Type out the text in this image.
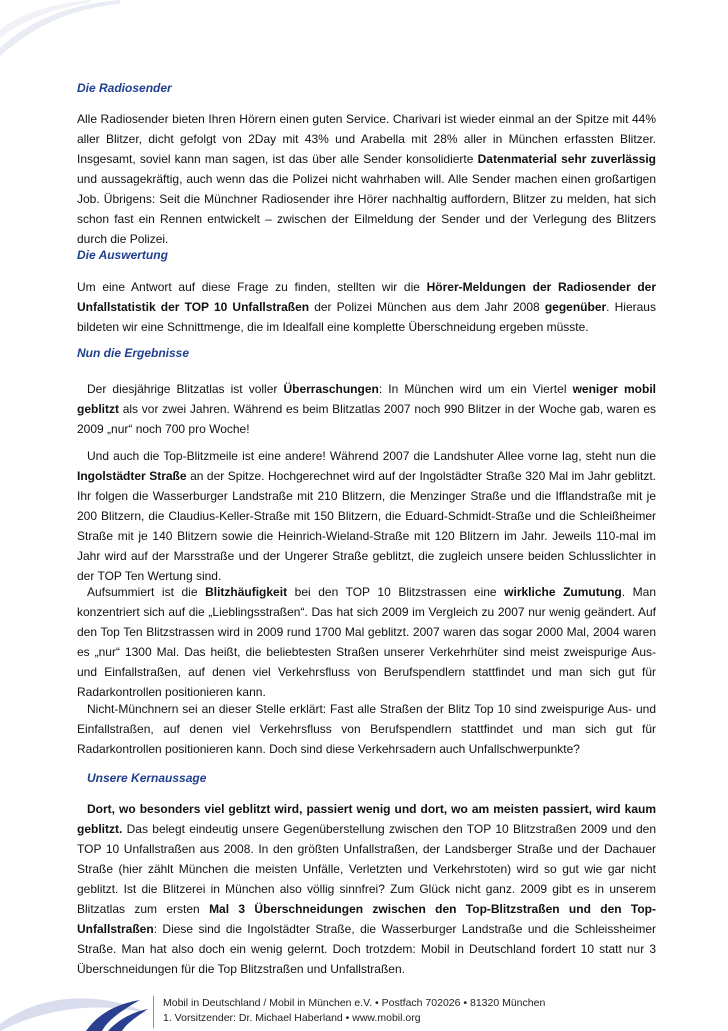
Die Radiosender

Alle Radiosender bieten Ihren Hörern einen guten Service. Charivari ist wieder einmal an der Spitze mit 44% aller Blitzer, dicht gefolgt von 2Day mit 43% und Arabella mit 28% aller in München erfassten Blitzer. Insgesamt, soviel kann man sagen, ist das über alle Sender konsolidierte Datenmaterial sehr zuverlässig und aussagekräftig, auch wenn das die Polizei nicht wahrhaben will. Alle Sender machen einen großartigen Job. Übrigens: Seit die Münchner Radiosender ihre Hörer nachhaltig auffordern, Blitzer zu melden, hat sich schon fast ein Rennen entwickelt – zwischen der Eilmeldung der Sender und der Verlegung des Blitzers durch die Polizei.

Die Auswertung

Um eine Antwort auf diese Frage zu finden, stellten wir die Hörer-Meldungen der Radiosender der Unfallstatistik der TOP 10 Unfallstraßen der Polizei München aus dem Jahr 2008 gegenüber. Hieraus bildeten wir eine Schnittmenge, die im Idealfall eine komplette Überschneidung ergeben müsste.

Nun die Ergebnisse

Der diesjährige Blitzatlas ist voller Überraschungen: In München wird um ein Viertel weniger mobil geblitzt als vor zwei Jahren. Während es beim Blitzatlas 2007 noch 990 Blitzer in der Woche gab, waren es 2009 „nur“ noch 700 pro Woche!

Und auch die Top-Blitzmeile ist eine andere! Während 2007 die Landshuter Allee vorne lag, steht nun die Ingolstädter Straße an der Spitze. Hochgerechnet wird auf der Ingolstädter Straße 320 Mal im Jahr geblitzt. Ihr folgen die Wasserburger Landstraße mit 210 Blitzern, die Menzinger Straße und die Ifflandstraße mit je 200 Blitzern, die Claudius-Keller-Straße mit 150 Blitzern, die Eduard-Schmidt-Straße und die Schleißheimer Straße mit je 140 Blitzern sowie die Heinrich-Wieland-Straße mit 120 Blitzern im Jahr. Jeweils 110-mal im Jahr wird auf der Marsstraße und der Ungerer Straße geblitzt, die zugleich unsere beiden Schlusslichter in der TOP Ten Wertung sind.

Aufsummiert ist die Blitzhäufigkeit bei den TOP 10 Blitzstrassen eine wirkliche Zumutung. Man konzentriert sich auf die „Lieblingsstraßen“. Das hat sich 2009 im Vergleich zu 2007 nur wenig geändert. Auf den Top Ten Blitzstrassen wird in 2009 rund 1700 Mal geblitzt. 2007 waren das sogar 2000 Mal, 2004 waren es „nur“ 1300 Mal. Das heißt, die beliebtesten Straßen unserer Verkehrhüter sind meist zweispurige Aus- und Einfallstraßen, auf denen viel Verkehrsfluss von Berufspendlern stattfindet und man sich gut für Radarkontrollen positionieren kann.

Nicht-Münchnern sei an dieser Stelle erklärt: Fast alle Straßen der Blitz Top 10 sind zweispurige Aus- und Einfallstraßen, auf denen viel Verkehrsfluss von Berufspendlern stattfindet und man sich gut für Radarkontrollen positionieren kann. Doch sind diese Verkehrsadern auch Unfallschwerpunkte?

Unsere Kernaussage

Dort, wo besonders viel geblitzt wird, passiert wenig und dort, wo am meisten passiert, wird kaum geblitzt. Das belegt eindeutig unsere Gegenüberstellung zwischen den TOP 10 Blitzstraßen 2009 und den TOP 10 Unfallstraßen aus 2008. In den größten Unfallstraßen, der Landsberger Straße und der Dachauer Straße (hier zählt München die meisten Unfälle, Verletzten und Verkehrstoten) wird so gut wie gar nicht geblitzt. Ist die Blitzerei in München also völlig sinnfrei? Zum Glück nicht ganz. 2009 gibt es in unserem Blitzatlas zum ersten Mal 3 Überschneidungen zwischen den Top-Blitzstraßen und den Top-Unfallstraßen: Diese sind die Ingolstädter Straße, die Wasserburger Landstraße und die Schleissheimer Straße. Man hat also doch ein wenig gelernt. Doch trotzdem: Mobil in Deutschland fordert 10 statt nur 3 Überschneidungen für die Top Blitzstraßen und Unfallstraßen.

Mobil in Deutschland / Mobil in München e.V. • Postfach 702026 • 81320 München
1. Vorsitzender: Dr. Michael Haberland • www.mobil.org
